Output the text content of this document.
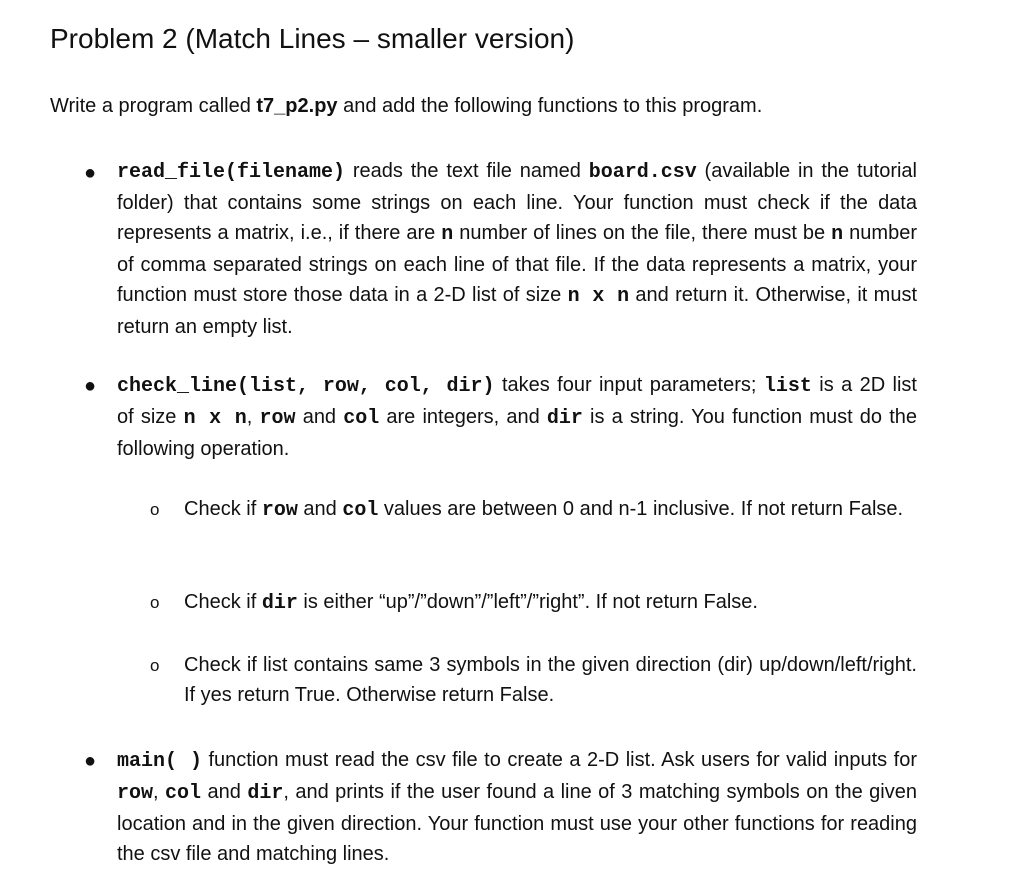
Problem 2 (Match Lines – smaller version)

Write a program called t7_p2.py and add the following functions to this program.

● read_file(filename) reads the text file named board.csv (available in the tutorial folder) that contains some strings on each line. Your function must check if the data represents a matrix, i.e., if there are n number of lines on the file, there must be n number of comma separated strings on each line of that file. If the data represents a matrix, your function must store those data in a 2-D list of size n x n and return it. Otherwise, it must return an empty list.
● check_line(list, row, col, dir) takes four input parameters; list is a 2D list of size n x n, row and col are integers, and dir is a string. You function must do the following operation.
o Check if row and col values are between 0 and n-1 inclusive. If not return False.
o Check if dir is either “up”/”down”/”left”/”right”. If not return False.
o Check if list contains same 3 symbols in the given direction (dir) up/down/left/right. If yes return True. Otherwise return False.
● main( ) function must read the csv file to create a 2-D list. Ask users for valid inputs for row, col and dir, and prints if the user found a line of 3 matching symbols on the given location and in the given direction. Your function must use your other functions for reading the csv file and matching lines.
